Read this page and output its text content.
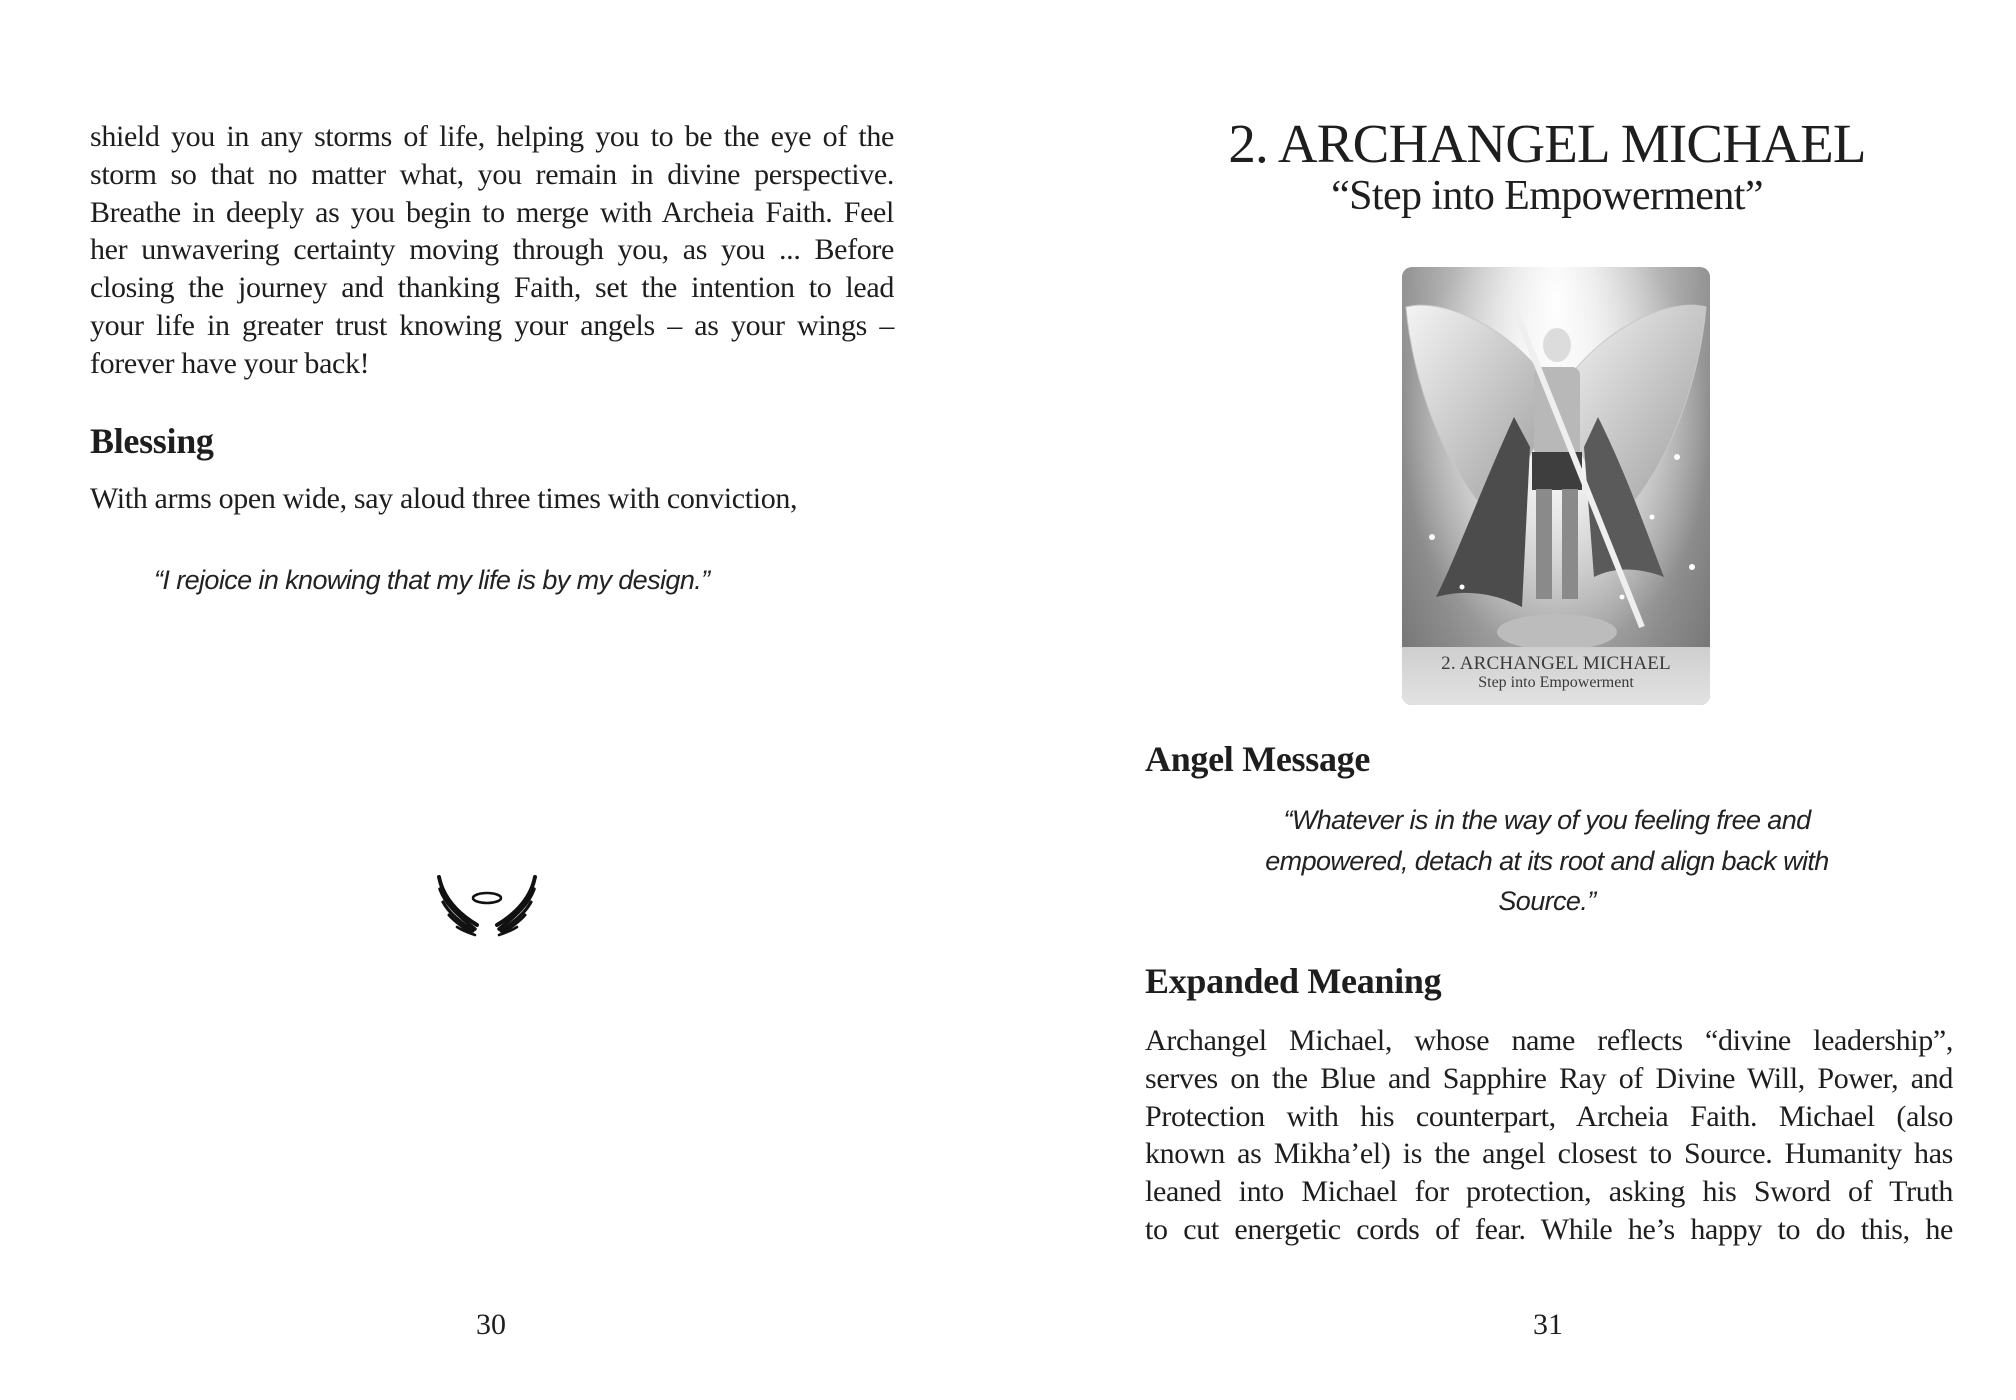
shield you in any storms of life, helping you to be the eye of the
storm so that no matter what, you remain in divine perspective.
Breathe in deeply as you begin to merge with Archeia Faith. Feel
her unwavering certainty moving through you, as you ... Before
closing the journey and thanking Faith, set the intention to lead
your life in greater trust knowing your angels – as your wings –
forever have your back!
Blessing
With arms open wide, say aloud three times with conviction,
“I rejoice in knowing that my life is by my design.”
30
2. ARCHANGEL MICHAEL
“Step into Empowerment”
2. ARCHANGEL MICHAEL
Step into Empowerment
Angel Message
“Whatever is in the way of you feeling free and
empowered, detach at its root and align back with
Source.”
Expanded Meaning
Archangel Michael, whose name reflects “divine leadership”,
serves on the Blue and Sapphire Ray of Divine Will, Power, and
Protection with his counterpart, Archeia Faith. Michael (also
known as Mikha’el) is the angel closest to Source. Humanity has
leaned into Michael for protection, asking his Sword of Truth
to cut energetic cords of fear. While he’s happy to do this, he
31
